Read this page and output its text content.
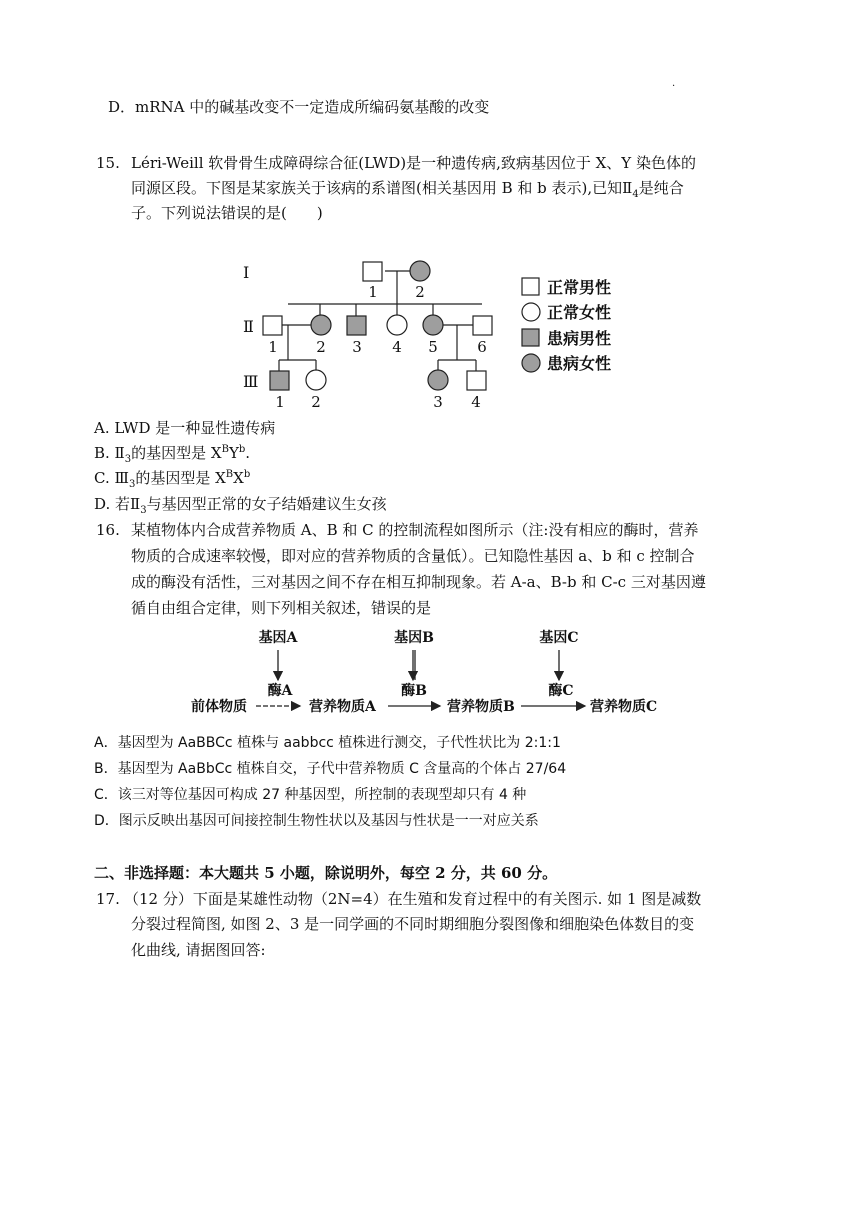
.
D．mRNA 中的碱基改变不一定造成所编码氨基酸的改变
15. Léri-Weill 软骨骨生成障碍综合征(LWD)是一种遗传病,致病基因位于 X、Y 染色体的
同源区段。下图是某家族关于该病的系谱图(相关基因用 B 和 b 表示),已知$Ⅱ_4$是纯合
子。下列说法错误的是(　　)
Ⅰ
Ⅱ
Ⅲ
1 2
1	2 3 4 5	6
1 2	3 4
正常男性
正常女性
患病男性
患病女性
A. LWD 是一种显性遗传病
B. $Ⅱ_3$的基因型是 $X^BY^b$.
C. $Ⅲ_3$的基因型是 $X^BX^b$
D. 若$Ⅱ_3$与基因型正常的女子结婚建议生女孩
16. 某植物体内合成营养物质 A、B 和 C 的控制流程如图所示（注:没有相应的酶时，营养
物质的合成速率较慢，即对应的营养物质的含量低）。已知隐性基因 a、b 和 c 控制合
成的酶没有活性，三对基因之间不存在相互抑制现象。若 A-a、B-b 和 C-c 三对基因遵
循自由组合定律，则下列相关叙述，错误的是
基因A	基因B	基因C
酶A	酶B	酶C
前体物质	营养物质A	营养物质B	营养物质C
A．基因型为 AaBBCc 植株与 aabbcc 植株进行测交，子代性状比为 2:1:1
B．基因型为 AaBbCc 植株自交，子代中营养物质 C 含量高的个体占 27/64
C．该三对等位基因可构成 27 种基因型，所控制的表现型却只有 4 种
D．图示反映出基因可间接控制生物性状以及基因与性状是一一对应关系
二、非选择题：本大题共 5 小题，除说明外，每空 2 分，共 60 分。
17. （12 分）下面是某雄性动物（2N=4）在生殖和发育过程中的有关图示. 如 1 图是减数
分裂过程简图, 如图 2、3 是一同学画的不同时期细胞分裂图像和细胞染色体数目的变
化曲线, 请据图回答:
